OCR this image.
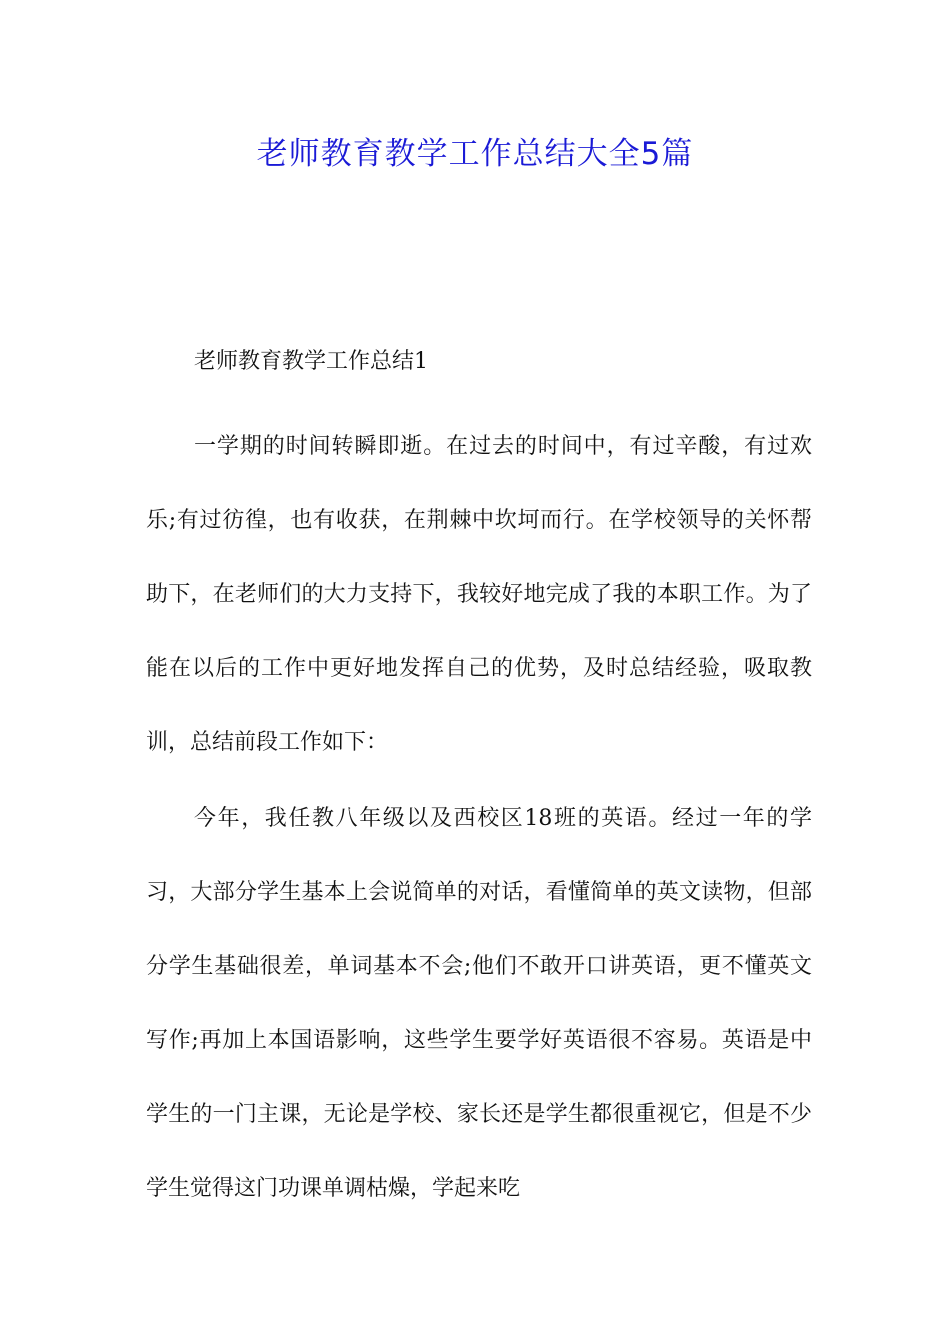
老师教育教学工作总结大全5篇

老师教育教学工作总结1

一学期的时间转瞬即逝。在过去的时间中，有过辛酸，有过欢乐;有过彷徨，也有收获，在荆棘中坎坷而行。在学校领导的关怀帮助下，在老师们的大力支持下，我较好地完成了我的本职工作。为了能在以后的工作中更好地发挥自己的优势，及时总结经验，吸取教训，总结前段工作如下：

今年，我任教八年级以及西校区18班的英语。经过一年的学习，大部分学生基本上会说简单的对话，看懂简单的英文读物，但部分学生基础很差，单词基本不会;他们不敢开口讲英语，更不懂英文写作;再加上本国语影响，这些学生要学好英语很不容易。英语是中学生的一门主课，无论是学校、家长还是学生都很重视它，但是不少学生觉得这门功课单调枯燥，学起来吃
